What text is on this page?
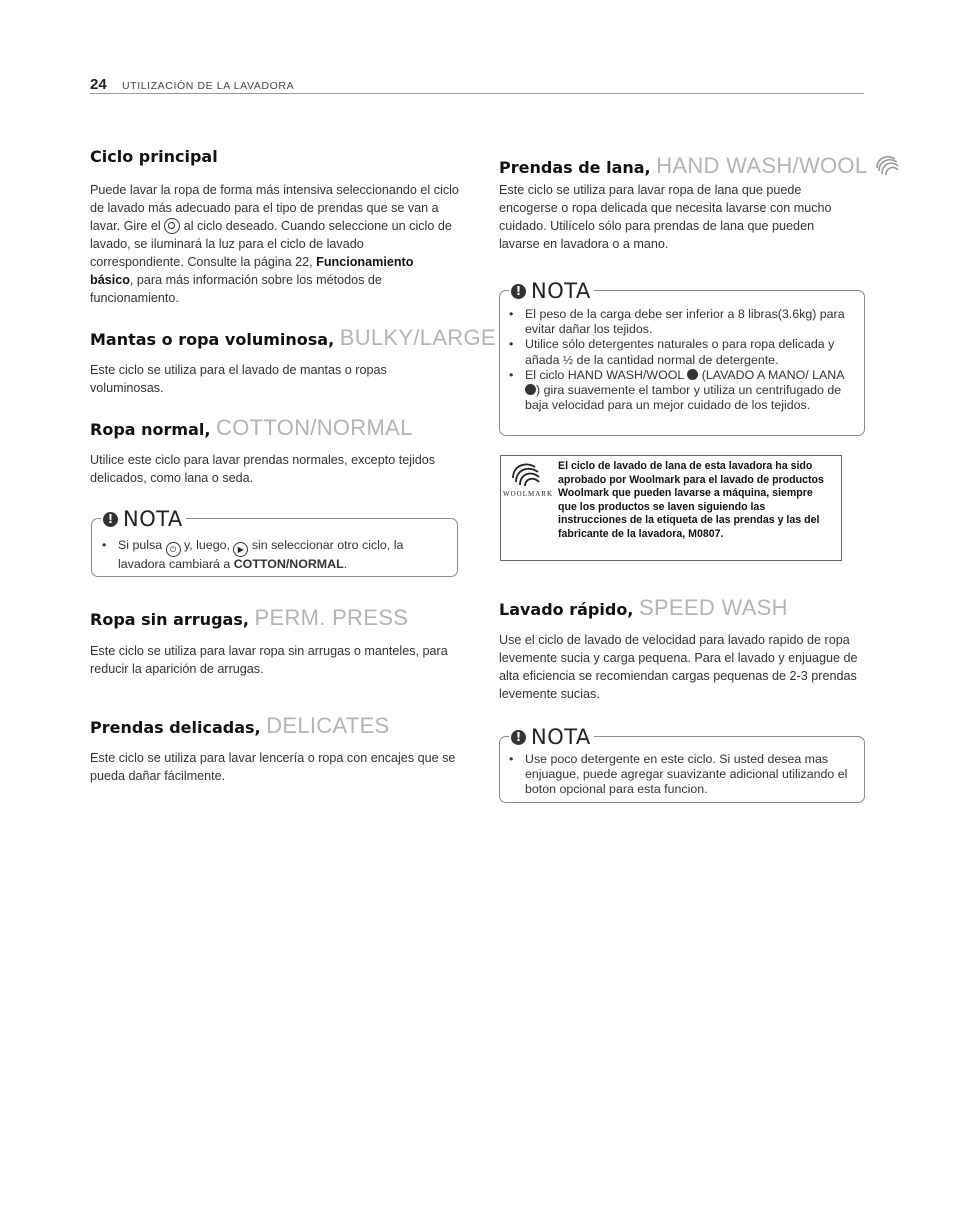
24 UTILIZACIÓN DE LA LAVADORA
Ciclo principal
Puede lavar la ropa de forma más intensiva seleccionando el ciclo de lavado más adecuado para el tipo de prendas que se van a lavar. Gire el al ciclo deseado. Cuando seleccione un ciclo de lavado, se iluminará la luz para el ciclo de lavado correspondiente. Consulte la página 22, Funcionamiento básico, para más información sobre los métodos de funcionamiento.
Mantas o ropa voluminosa, BULKY/LARGE
Este ciclo se utiliza para el lavado de mantas o ropas voluminosas.
Ropa normal, COTTON/NORMAL
Utilice este ciclo para lavar prendas normales, excepto tejidos delicados, como lana o seda.
! NOTA
• Si pulsa ⏻ y, luego, ▶ sin seleccionar otro ciclo, la lavadora cambiará a COTTON/NORMAL.
Ropa sin arrugas, PERM. PRESS
Este ciclo se utiliza para lavar ropa sin arrugas o manteles, para reducir la aparición de arrugas.
Prendas delicadas, DELICATES
Este ciclo se utiliza para lavar lencería o ropa con encajes que se pueda dañar fácilmente.
Prendas de lana, HAND WASH/WOOL
Este ciclo se utiliza para lavar ropa de lana que puede encogerse o ropa delicada que necesita lavarse con mucho cuidado. Utilícelo sólo para prendas de lana que pueden lavarse en lavadora o a mano.
! NOTA
• El peso de la carga debe ser inferior a 8 libras(3.6kg) para evitar dañar los tejidos.
• Utilice sólo detergentes naturales o para ropa delicada y añada ½ de la cantidad normal de detergente.
• El ciclo HAND WASH/WOOL (LAVADO A MANO/ LANA ) gira suavemente el tambor y utiliza un centrifugado de baja velocidad para un mejor cuidado de los tejidos.
WOOLMARK
El ciclo de lavado de lana de esta lavadora ha sido aprobado por Woolmark para el lavado de productos Woolmark que pueden lavarse a máquina, siempre que los productos se laven siguiendo las instrucciones de la etiqueta de las prendas y las del fabricante de la lavadora, M0807.
Lavado rápido, SPEED WASH
Use el ciclo de lavado de velocidad para lavado rapido de ropa levemente sucia y carga pequena. Para el lavado y enjuague de alta eficiencia se recomiendan cargas pequenas de 2-3 prendas levemente sucias.
! NOTA
• Use poco detergente en este ciclo. Si usted desea mas enjuague, puede agregar suavizante adicional utilizando el boton opcional para esta funcion.
